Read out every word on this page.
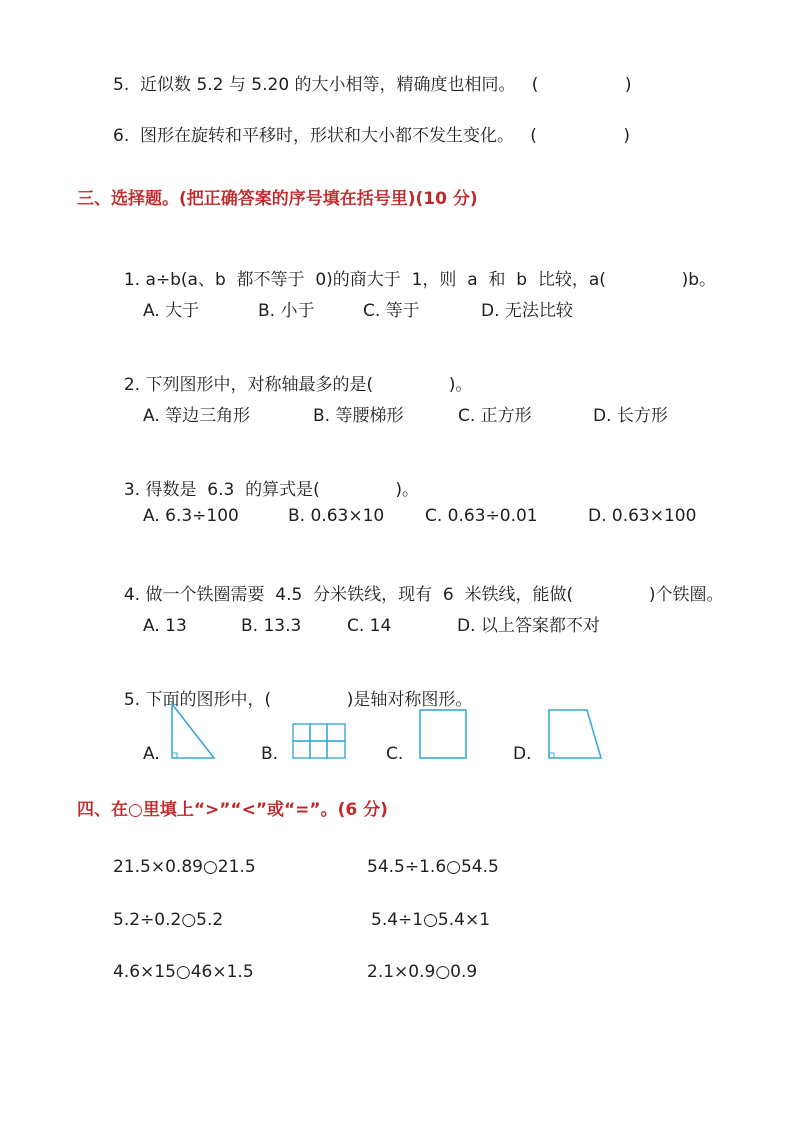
5. 近似数 5.2 与 5.20 的大小相等，精确度也相同。 (                )
6. 图形在旋转和平移时，形状和大小都不发生变化。 (                )
三、选择题。(把正确答案的序号填在括号里)(10 分)

1. a÷b(a、b  都不等于  0)的商大于  1，则  a  和  b  比较，a(              )b。

A. 大于	B. 小于	C. 等于	D. 无法比较

2. 下列图形中，对称轴最多的是(              )。

A. 等边三角形	B. 等腰梯形	C. 正方形	D. 长方形

3. 得数是  6.3  的算式是(              )。

A. 6.3÷100	B. 0.63×10 C. 0.63÷0.01	D. 0.63×100

4. 做一个铁圈需要  4.5  分米铁线，现有  6  米铁线，能做(              )个铁圈。

A. 13	B. 13.3	C. 14	D. 以上答案都不对

5. 下面的图形中，(              )是轴对称图形。

A.	B.	C.	D.
四、在○里填上“>”“<”或“=”。(6 分)
21.5×0.89○21.5	54.5÷1.6○54.5
5.2÷0.2○5.2	5.4÷1○5.4×1
4.6×15○46×1.5	2.1×0.9○0.9
